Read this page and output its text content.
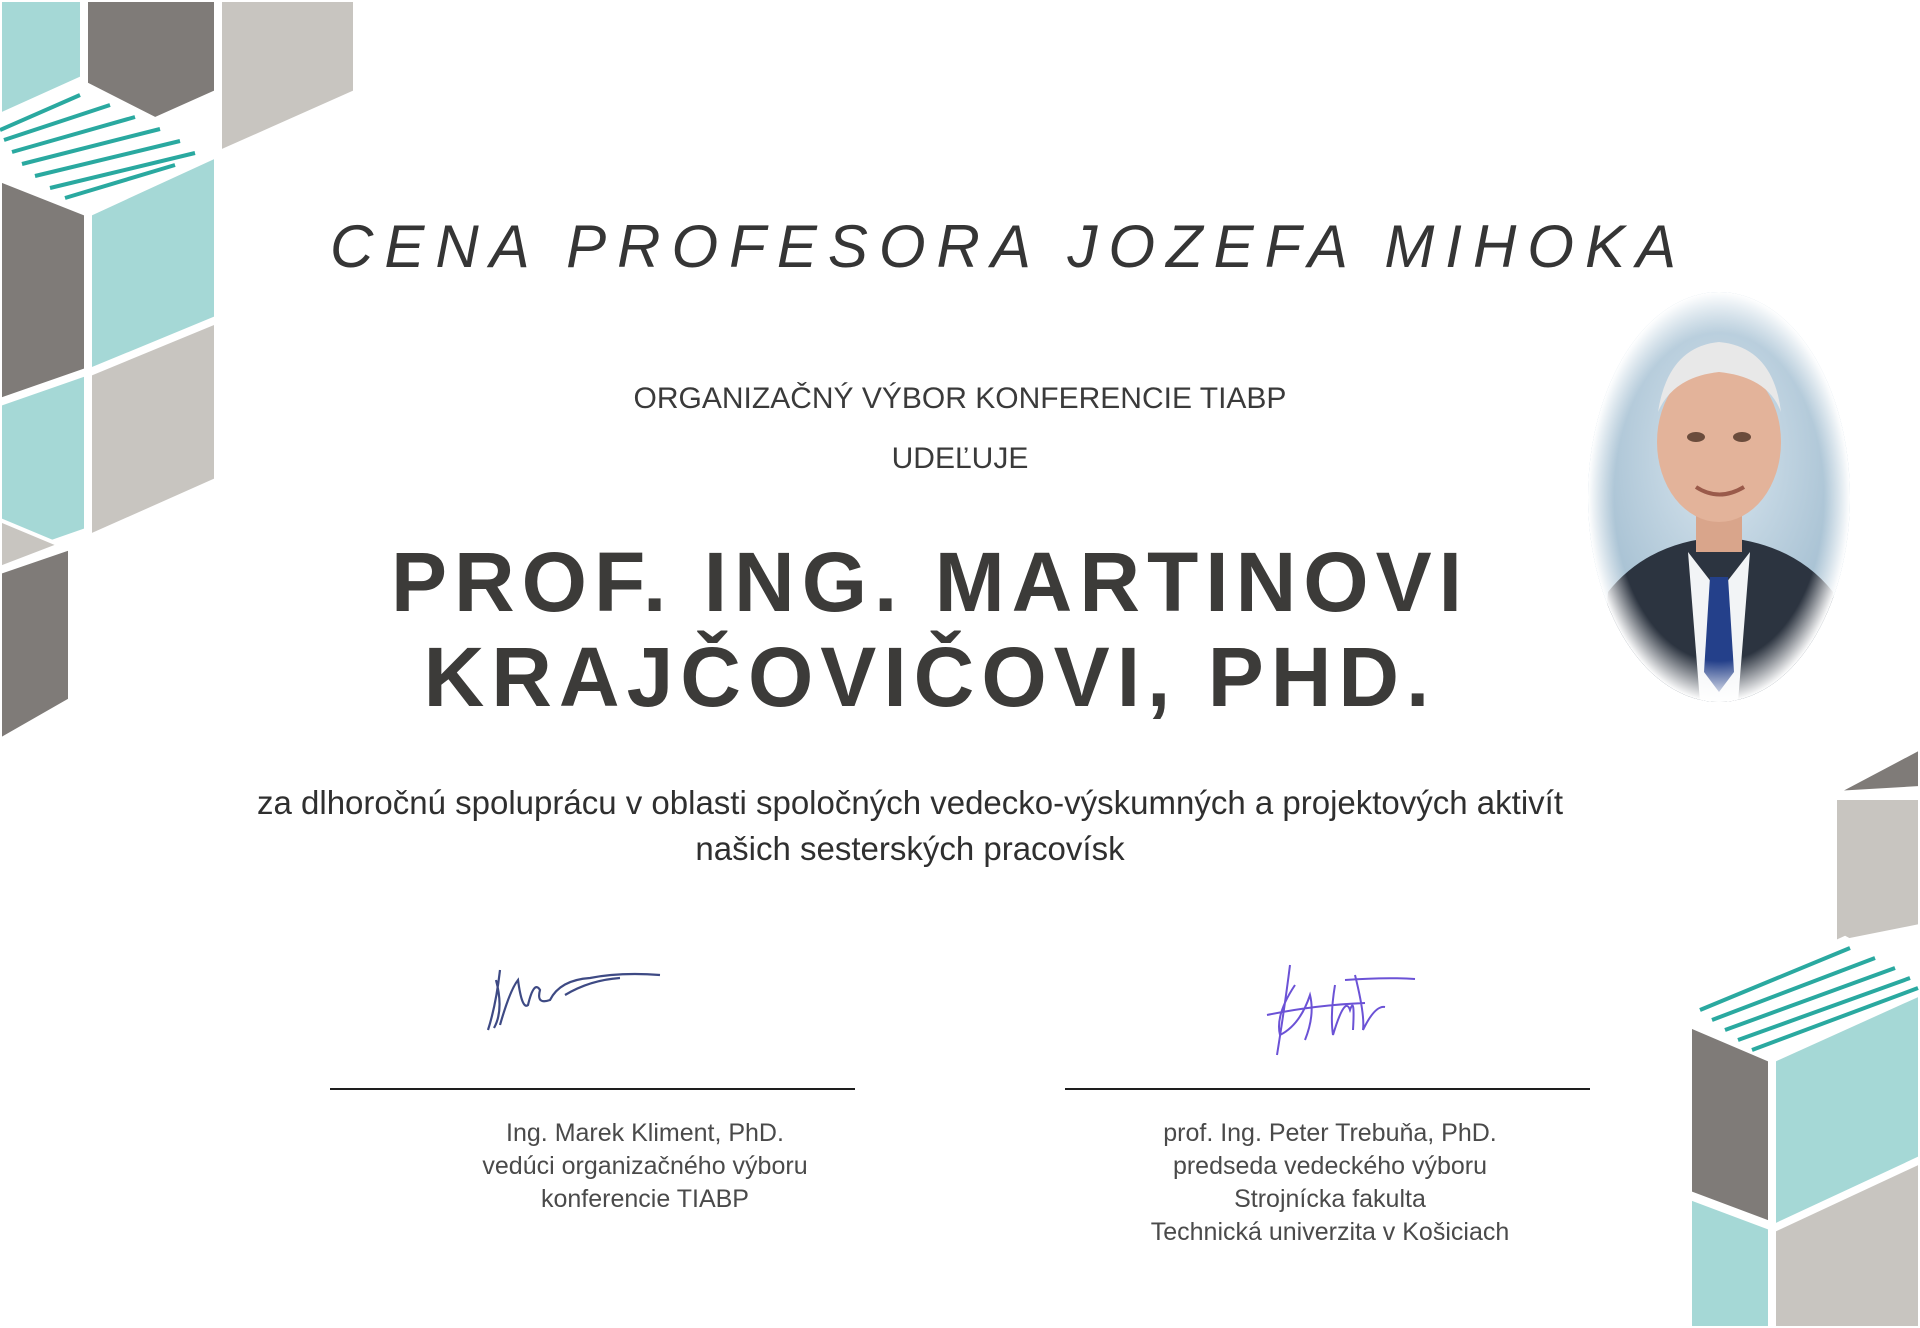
CENA PROFESORA JOZEFA MIHOKA
ORGANIZAČNÝ VÝBOR KONFERENCIE TIABP
UDEĽUJE
PROF. ING. MARTINOVI
KRAJČOVIČOVI, PHD.
za dlhoročnú spoluprácu v oblasti spoločných vedecko-výskumných a projektových aktivít
našich sesterských pracovísk
Ing. Marek Kliment, PhD.
vedúci organizačného výboru
konferencie TIABP
prof. Ing. Peter Trebuňa, PhD.
predseda vedeckého výboru
Strojnícka fakulta
Technická univerzita v Košiciach
